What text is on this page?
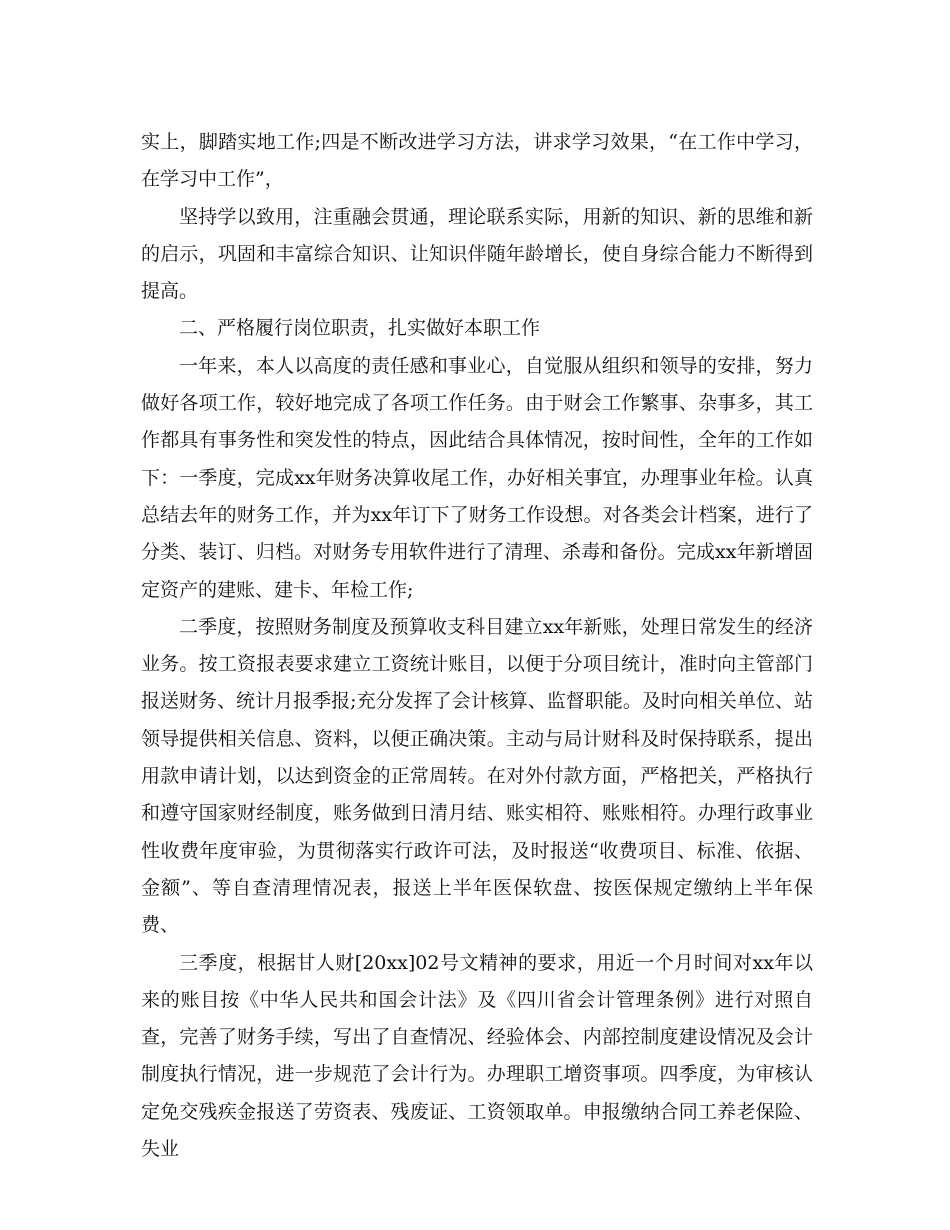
实上，脚踏实地工作;四是不断改进学习方法，讲求学习效果，“在工作中学习，在学习中工作”，

坚持学以致用，注重融会贯通，理论联系实际，用新的知识、新的思维和新的启示，巩固和丰富综合知识、让知识伴随年龄增长，使自身综合能力不断得到提高。

二、严格履行岗位职责，扎实做好本职工作

一年来，本人以高度的责任感和事业心，自觉服从组织和领导的安排，努力做好各项工作，较好地完成了各项工作任务。由于财会工作繁事、杂事多，其工作都具有事务性和突发性的特点，因此结合具体情况，按时间性，全年的工作如下：一季度，完成xx年财务决算收尾工作，办好相关事宜，办理事业年检。认真总结去年的财务工作，并为xx年订下了财务工作设想。对各类会计档案，进行了分类、装订、归档。对财务专用软件进行了清理、杀毒和备份。完成xx年新增固定资产的建账、建卡、年检工作;

二季度，按照财务制度及预算收支科目建立xx年新账，处理日常发生的经济业务。按工资报表要求建立工资统计账目，以便于分项目统计，准时向主管部门报送财务、统计月报季报;充分发挥了会计核算、监督职能。及时向相关单位、站领导提供相关信息、资料，以便正确决策。主动与局计财科及时保持联系，提出用款申请计划，以达到资金的正常周转。在对外付款方面，严格把关，严格执行和遵守国家财经制度，账务做到日清月结、账实相符、账账相符。办理行政事业性收费年度审验，为贯彻落实行政许可法，及时报送“收费项目、标准、依据、金额”、等自查清理情况表，报送上半年医保软盘、按医保规定缴纳上半年保费、

三季度，根据甘人财[20xx]02号文精神的要求，用近一个月时间对xx年以来的账目按《中华人民共和国会计法》及《四川省会计管理条例》进行对照自查，完善了财务手续，写出了自查情况、经验体会、内部控制度建设情况及会计制度执行情况，进一步规范了会计行为。办理职工增资事项。四季度，为审核认定免交残疾金报送了劳资表、残废证、工资领取单。申报缴纳合同工养老保险、失业
